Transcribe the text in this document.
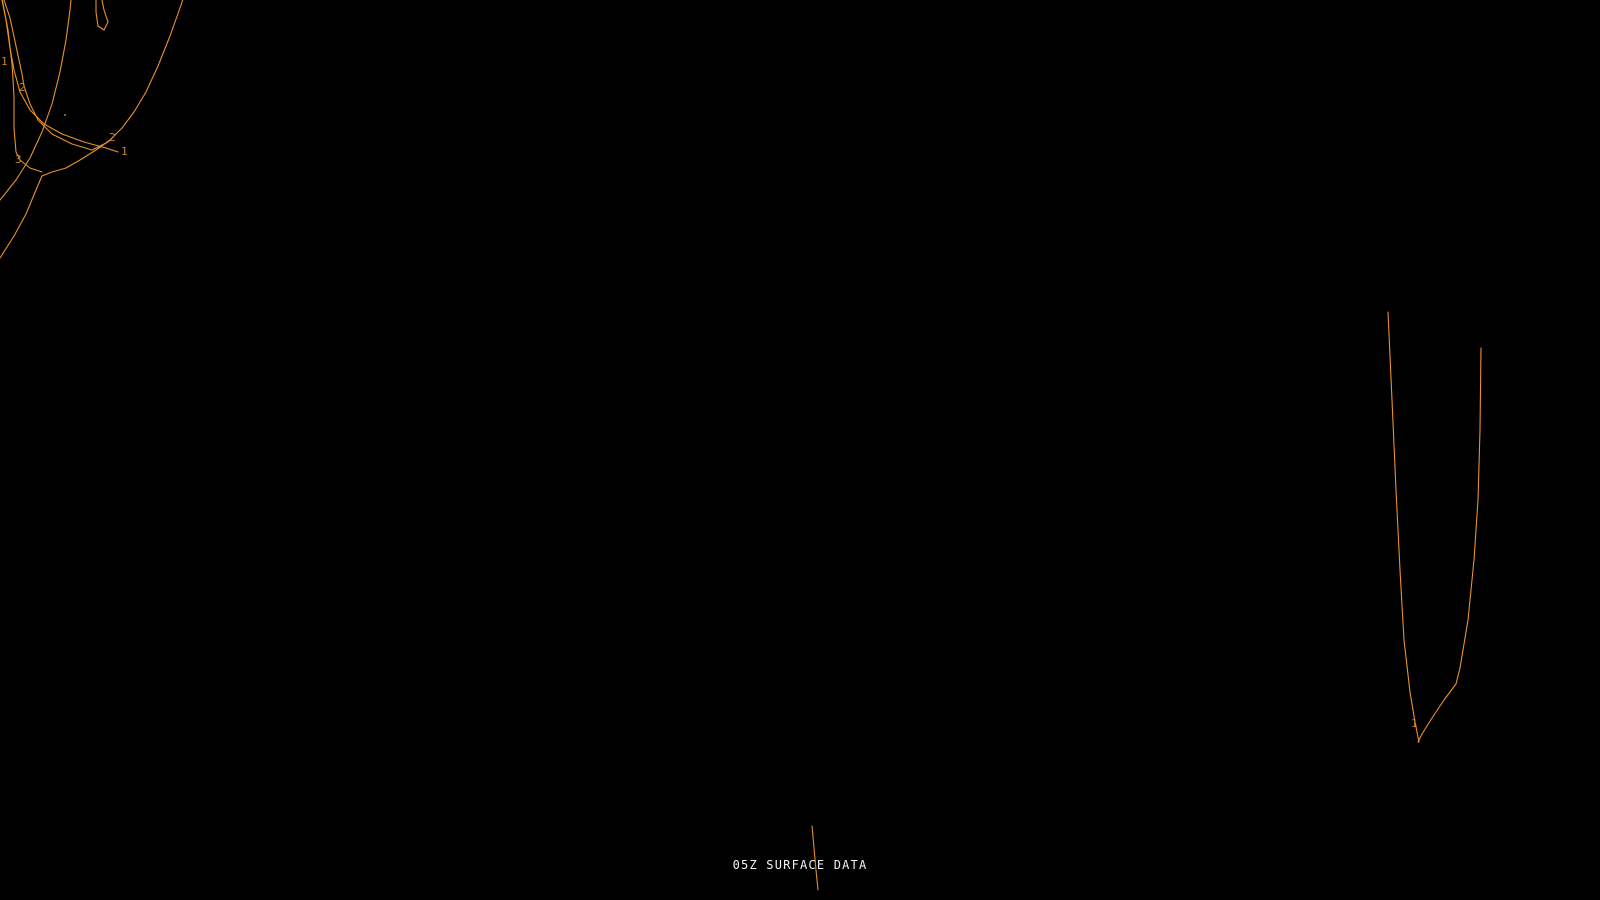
1
2
3
2
1
1
05Z SURFACE DATA
